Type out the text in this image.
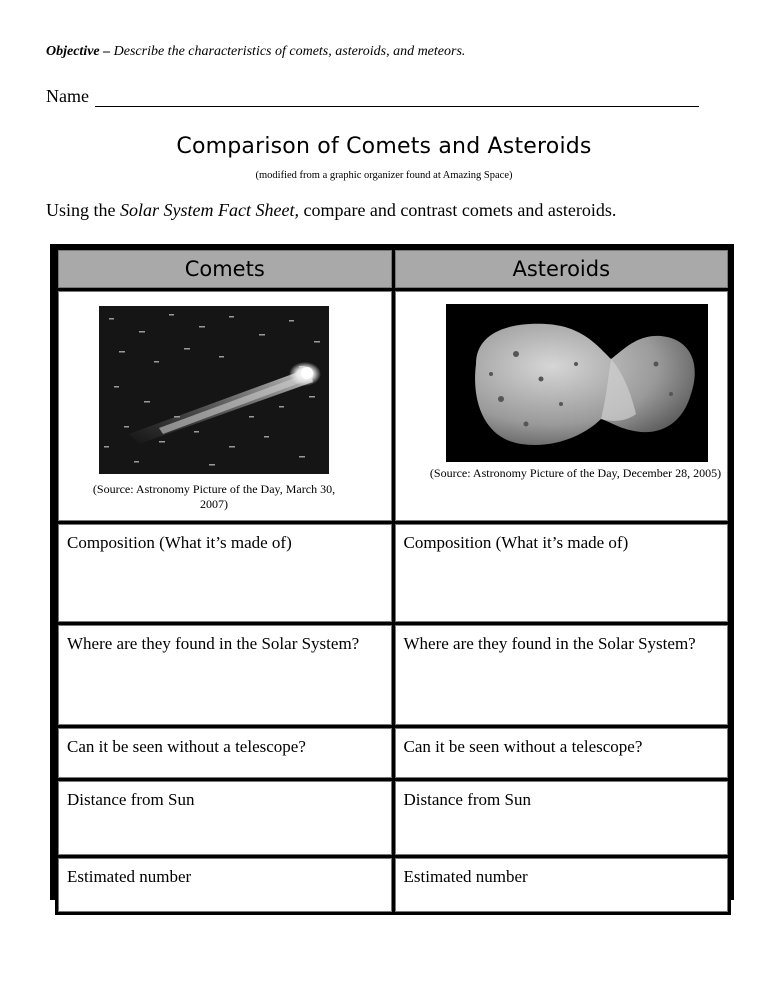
Objective – Describe the characteristics of comets, asteroids, and meteors.
Name
Comparison of Comets and Asteroids
(modified from a graphic organizer found at Amazing Space)
Using the Solar System Fact Sheet, compare and contrast comets and asteroids.
Comets	Asteroids

(Source: Astronomy Picture of the Day, March 30, 2007)	(Source: Astronomy Picture of the Day, December 28, 2005)

Composition (What it’s made of)	Composition (What it’s made of)
Where are they found in the Solar System?	Where are they found in the Solar System?
Can it be seen without a telescope?	Can it be seen without a telescope?
Distance from Sun	Distance from Sun
Estimated number	Estimated number
